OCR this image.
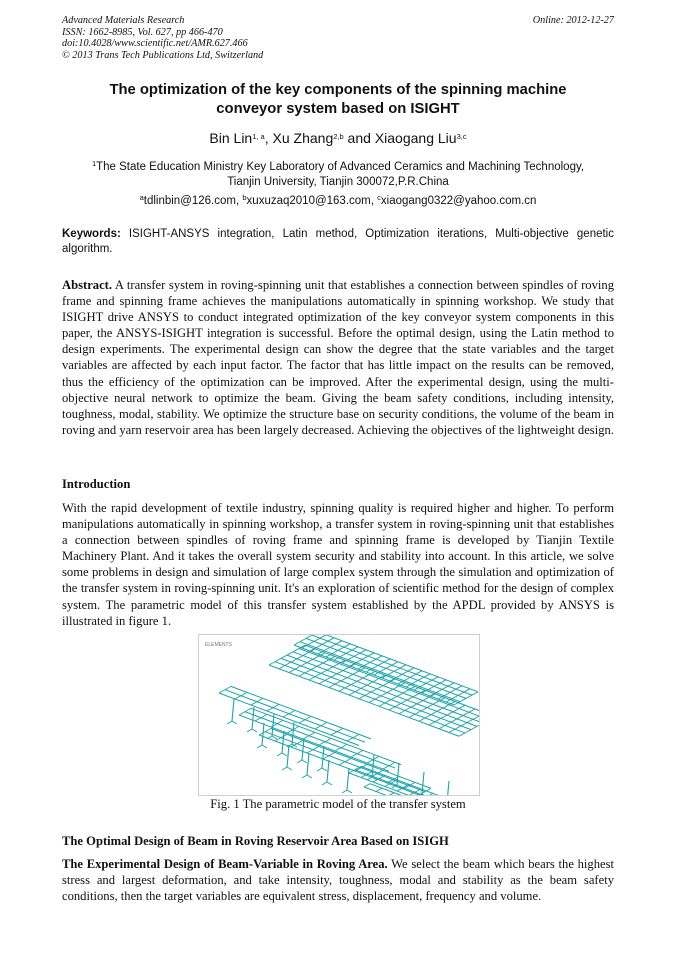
Advanced Materials Research
ISSN: 1662-8985, Vol. 627, pp 466-470
doi:10.4028/www.scientific.net/AMR.627.466
© 2013 Trans Tech Publications Ltd, Switzerland
Online: 2012-12-27
The optimization of the key components of the spinning machine
conveyor system based on ISIGHT
Bin Lin$^{1, a}$, Xu Zhang$^{2,b}$ and Xiaogang Liu$^{3,c}$
$^1$The State Education Ministry Key Laboratory of Advanced Ceramics and Machining Technology,
Tianjin University, Tianjin 300072,P.R.China
$^a$tdlinbin@126.com, $^b$xuxuzaq2010@163.com, $^c$xiaogang0322@yahoo.com.cn
Keywords: ISIGHT-ANSYS integration, Latin method, Optimization iterations, Multi-objective genetic algorithm.
Abstract. A transfer system in roving-spinning unit that establishes a connection between spindles of roving frame and spinning frame achieves the manipulations automatically in spinning workshop. We study that ISIGHT drive ANSYS to conduct integrated optimization of the key conveyor system components in this paper, the ANSYS-ISIGHT integration is successful. Before the optimal design, using the Latin method to design experiments. The experimental design can show the degree that the state variables and the target variables are affected by each input factor. The factor that has little impact on the results can be removed, thus the efficiency of the optimization can be improved. After the experimental design, using the multi-objective neural network to optimize the beam. Giving the beam safety conditions, including intensity, toughness, modal, stability. We optimize the structure base on security conditions, the volume of the beam in roving and yarn reservoir area has been largely decreased. Achieving the objectives of the lightweight design.
Introduction
With the rapid development of textile industry, spinning quality is required higher and higher. To perform manipulations automatically in spinning workshop, a transfer system in roving-spinning unit that establishes a connection between spindles of roving frame and spinning frame is developed by Tianjin Textile Machinery Plant. And it takes the overall system security and stability into account. In this article, we solve some problems in design and simulation of large complex system through the simulation and optimization of the transfer system in roving-spinning unit. It's an exploration of scientific method for the design of complex system. The parametric model of this transfer system established by the APDL provided by ANSYS is illustrated in figure 1.
ELEMENTS
Fig. 1 The parametric model of the transfer system
The Optimal Design of Beam in Roving Reservoir Area Based on ISIGH
The Experimental Design of Beam-Variable in Roving Area. We select the beam which bears the highest stress and largest deformation, and take intensity, toughness, modal and stability as the beam safety conditions, then the target variables are equivalent stress, displacement, frequency and volume.
